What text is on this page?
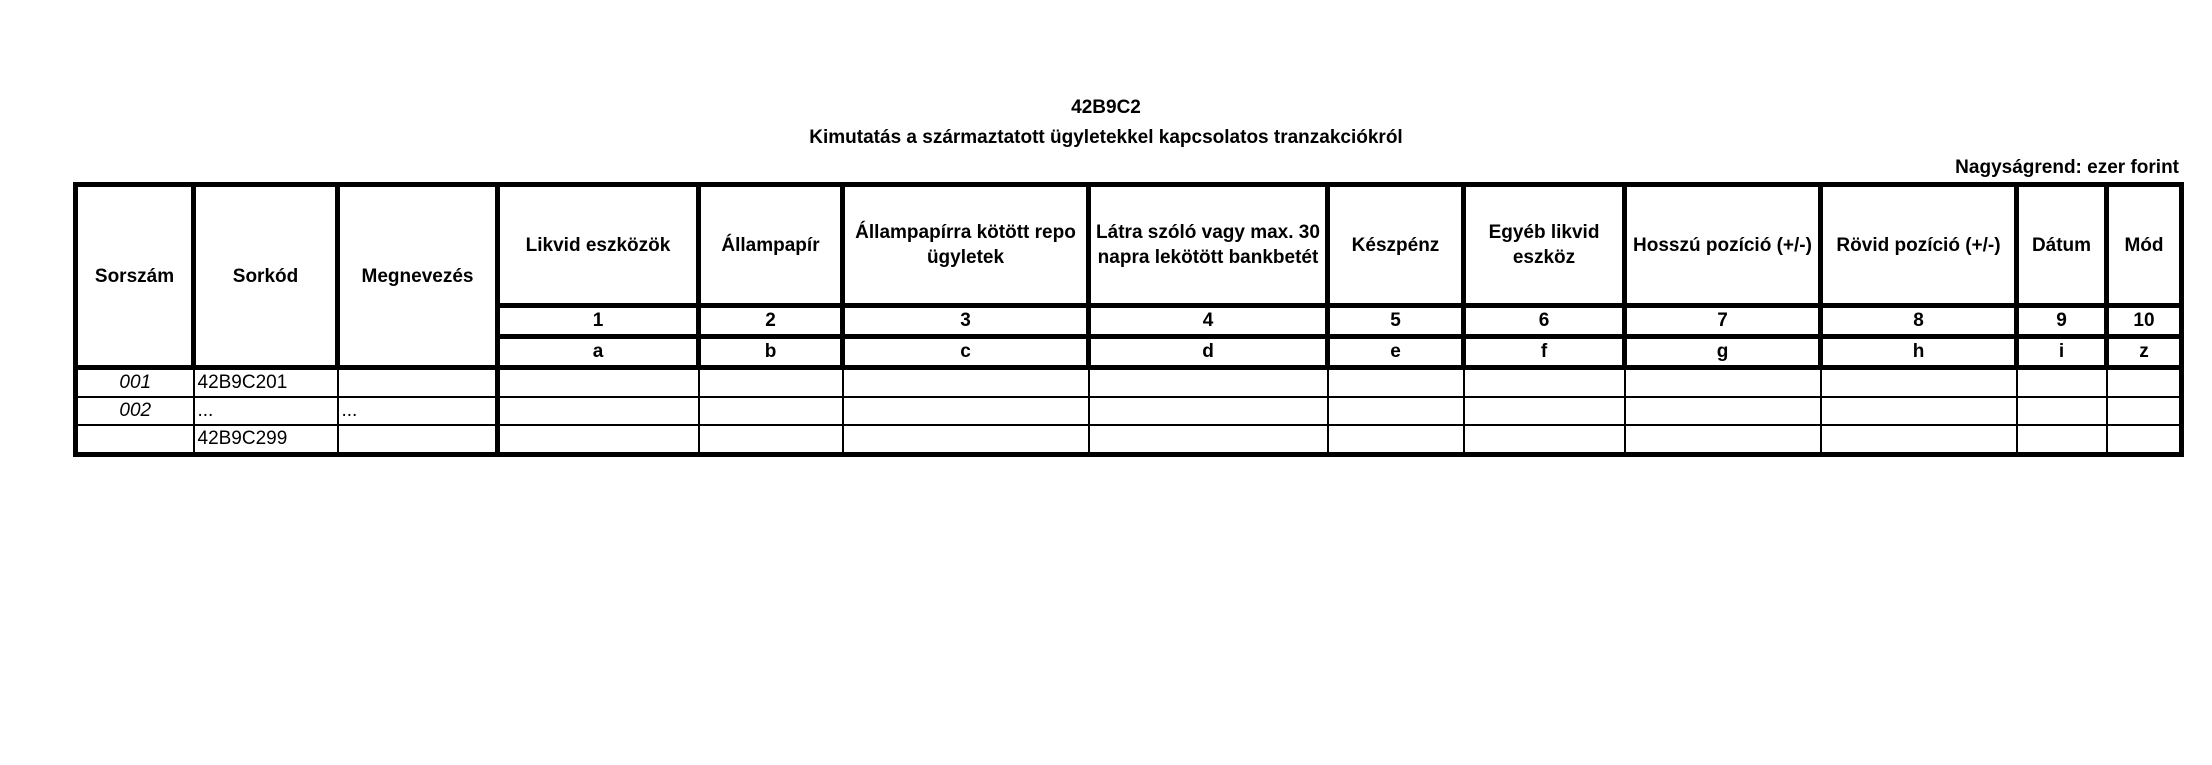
42B9C2
Kimutatás a származtatott ügyletekkel kapcsolatos tranzakciókról
Nagyságrend: ezer forint
Sorszám	Sorkód	Megnevezés	Likvid eszközök	Állampapír	Állampapírra kötött repo ügyletek	Látra szóló vagy max. 30 napra lekötött bankbetét	Készpénz	Egyéb likvid eszköz	Hosszú pozíció (+/-)	Rövid pozíció (+/-)	Dátum	Mód
			1	2	3	4	5	6	7	8	9	10
			a	b	c	d	e	f	g	h	i	z
001	42B9C201											
002	...	...										
	42B9C299											
